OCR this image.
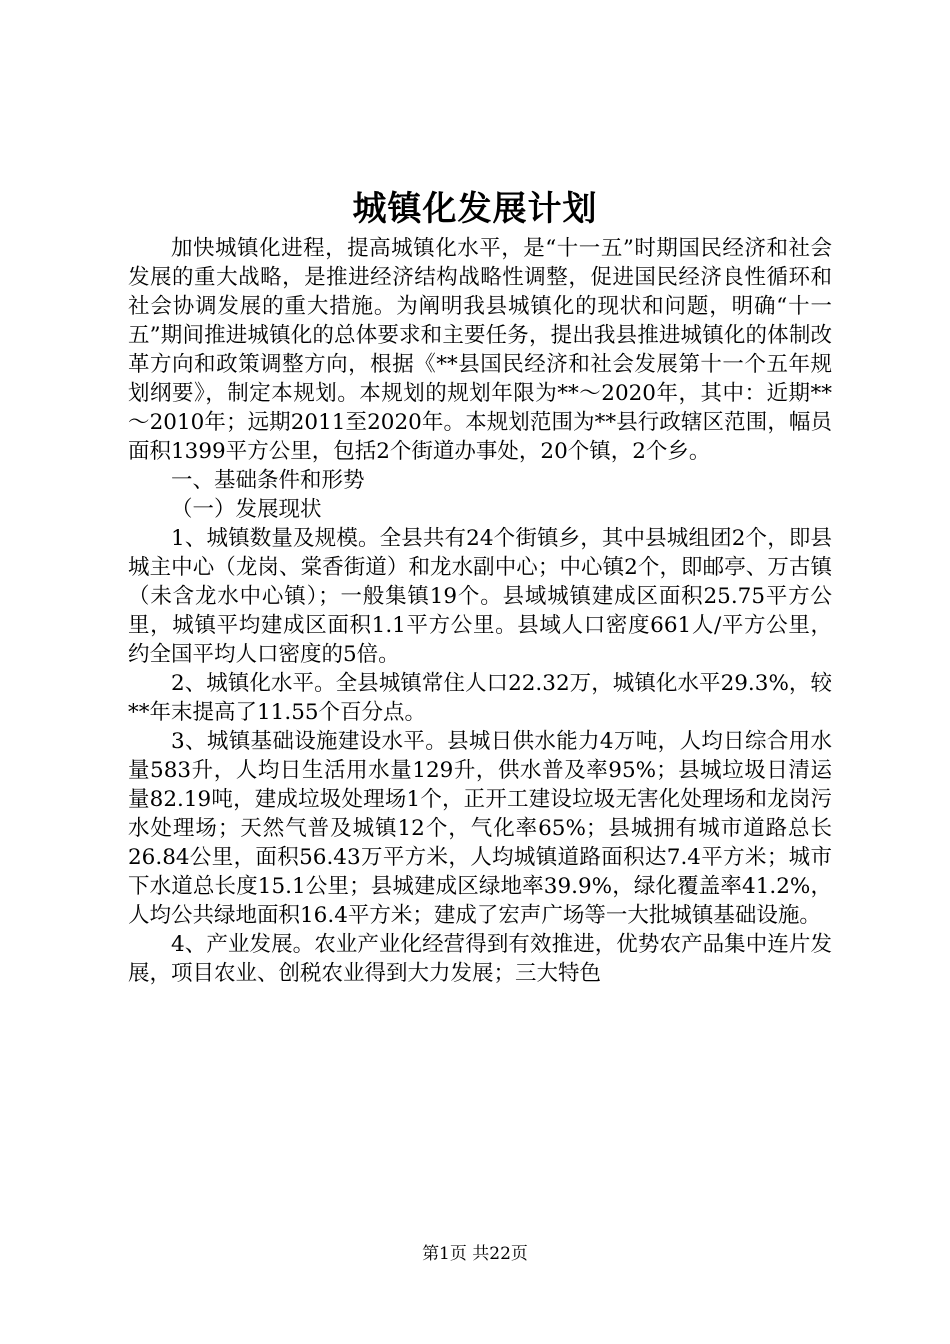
城镇化发展计划

加快城镇化进程，提高城镇化水平，是“十一五”时期国民经济和社会发展的重大战略，是推进经济结构战略性调整，促进国民经济良性循环和社会协调发展的重大措施。为阐明我县城镇化的现状和问题，明确“十一五”期间推进城镇化的总体要求和主要任务，提出我县推进城镇化的体制改革方向和政策调整方向，根据《**县国民经济和社会发展第十一个五年规划纲要》，制定本规划。本规划的规划年限为**～2020年，其中：近期**～2010年；远期2011至2020年。本规划范围为**县行政辖区范围，幅员面积1399平方公里，包括2个街道办事处，20个镇，2个乡。

一、基础条件和形势

（一）发展现状

1、城镇数量及规模。全县共有24个街镇乡，其中县城组团2个，即县城主中心（龙岗、棠香街道）和龙水副中心；中心镇2个，即邮亭、万古镇（未含龙水中心镇）；一般集镇19个。县域城镇建成区面积25.75平方公里，城镇平均建成区面积1.1平方公里。县域人口密度661人/平方公里，约全国平均人口密度的5倍。

2、城镇化水平。全县城镇常住人口22.32万，城镇化水平29.3%，较**年末提高了11.55个百分点。

3、城镇基础设施建设水平。县城日供水能力4万吨，人均日综合用水量583升，人均日生活用水量129升，供水普及率95%；县城垃圾日清运量82.19吨，建成垃圾处理场1个，正开工建设垃圾无害化处理场和龙岗污水处理场；天然气普及城镇12个，气化率65%；县城拥有城市道路总长26.84公里，面积56.43万平方米，人均城镇道路面积达7.4平方米；城市下水道总长度15.1公里；县城建成区绿地率39.9%，绿化覆盖率41.2%，人均公共绿地面积16.4平方米；建成了宏声广场等一大批城镇基础设施。

4、产业发展。农业产业化经营得到有效推进，优势农产品集中连片发展，项目农业、创税农业得到大力发展；三大特色

第1页 共22页
